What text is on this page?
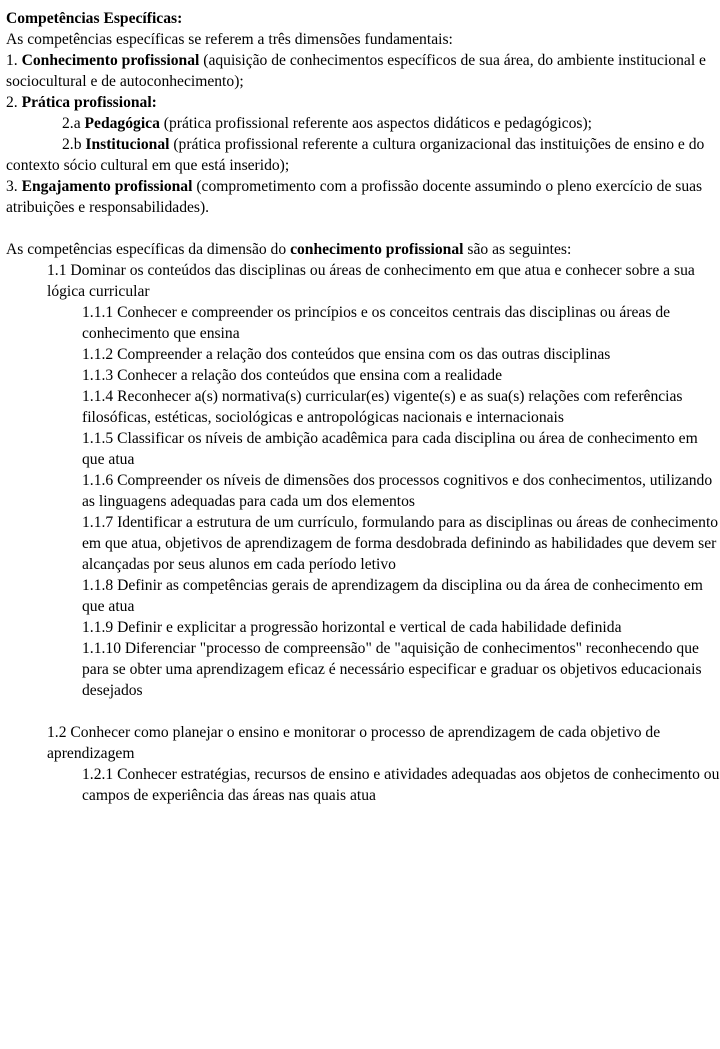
Competências Específicas:

As competências específicas se referem a três dimensões fundamentais:

1. Conhecimento profissional (aquisição de conhecimentos específicos de sua área, do ambiente institucional e sociocultural e de autoconhecimento);

2. Prática profissional:

2.a Pedagógica (prática profissional referente aos aspectos didáticos e pedagógicos);

2.b Institucional (prática profissional referente a cultura organizacional das instituições de ensino e do contexto sócio cultural em que está inserido);

3. Engajamento profissional (comprometimento com a profissão docente assumindo o pleno exercício de suas atribuições e responsabilidades).

As competências específicas da dimensão do conhecimento profissional são as seguintes:

1.1 Dominar os conteúdos das disciplinas ou áreas de conhecimento em que atua e conhecer sobre a sua lógica curricular

1.1.1 Conhecer e compreender os princípios e os conceitos centrais das disciplinas ou áreas de conhecimento que ensina

1.1.2 Compreender a relação dos conteúdos que ensina com os das outras disciplinas

1.1.3 Conhecer a relação dos conteúdos que ensina com a realidade

1.1.4 Reconhecer a(s) normativa(s) curricular(es) vigente(s) e as sua(s) relações com referências filosóficas, estéticas, sociológicas e antropológicas nacionais e internacionais

1.1.5 Classificar os níveis de ambição acadêmica para cada disciplina ou área de conhecimento em que atua

1.1.6 Compreender os níveis de dimensões dos processos cognitivos e dos conhecimentos, utilizando as linguagens adequadas para cada um dos elementos

1.1.7 Identificar a estrutura de um currículo, formulando para as disciplinas ou áreas de conhecimento em que atua, objetivos de aprendizagem de forma desdobrada definindo as habilidades que devem ser alcançadas por seus alunos em cada período letivo

1.1.8 Definir as competências gerais de aprendizagem da disciplina ou da área de conhecimento em que atua

1.1.9 Definir e explicitar a progressão horizontal e vertical de cada habilidade definida

1.1.10 Diferenciar "processo de compreensão" de "aquisição de conhecimentos" reconhecendo que para se obter uma aprendizagem eficaz é necessário especificar e graduar os objetivos educacionais desejados

1.2 Conhecer como planejar o ensino e monitorar o processo de aprendizagem de cada objetivo de aprendizagem

1.2.1 Conhecer estratégias, recursos de ensino e atividades adequadas aos objetos de conhecimento ou campos de experiência das áreas nas quais atua
